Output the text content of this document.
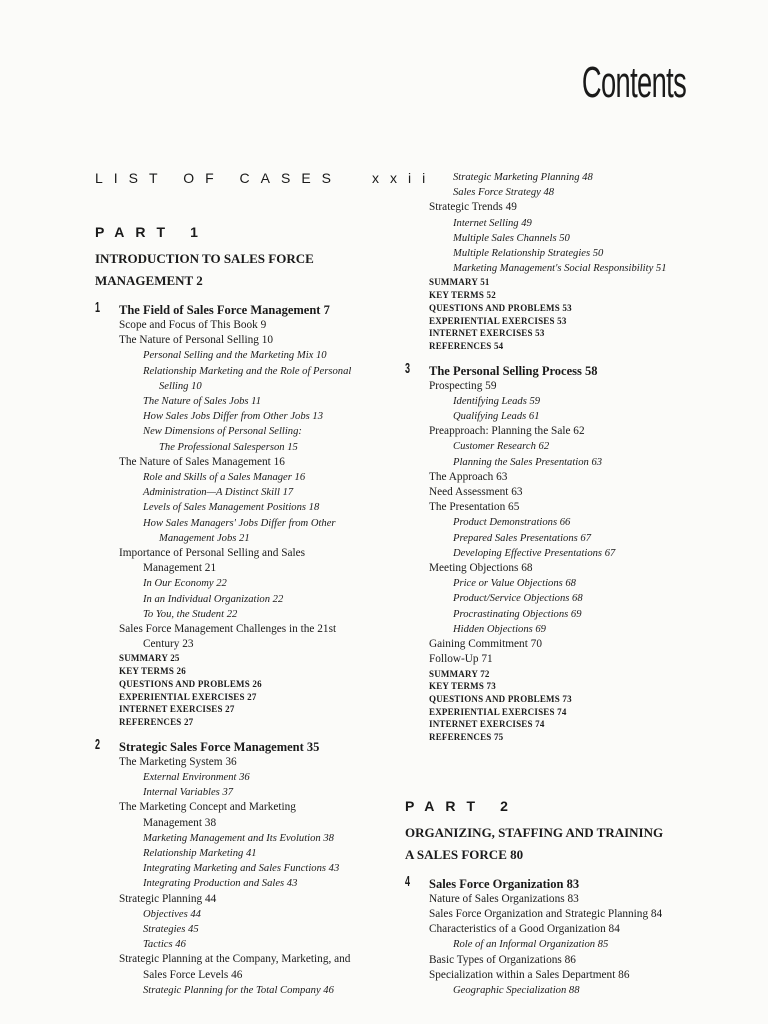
Contents
LIST OF CASES xxii
PART 1
INTRODUCTION TO SALES FORCE
MANAGEMENT 2
1 The Field of Sales Force Management 7
Scope and Focus of This Book 9
The Nature of Personal Selling 10
Personal Selling and the Marketing Mix 10
Relationship Marketing and the Role of Personal
Selling 10
The Nature of Sales Jobs 11
How Sales Jobs Differ from Other Jobs 13
New Dimensions of Personal Selling:
The Professional Salesperson 15
The Nature of Sales Management 16
Role and Skills of a Sales Manager 16
Administration—A Distinct Skill 17
Levels of Sales Management Positions 18
How Sales Managers' Jobs Differ from Other
Management Jobs 21
Importance of Personal Selling and Sales
Management 21
In Our Economy 22
In an Individual Organization 22
To You, the Student 22
Sales Force Management Challenges in the 21st
Century 23
SUMMARY 25
KEY TERMS 26
QUESTIONS AND PROBLEMS 26
EXPERIENTIAL EXERCISES 27
INTERNET EXERCISES 27
REFERENCES 27
2 Strategic Sales Force Management 35
The Marketing System 36
External Environment 36
Internal Variables 37
The Marketing Concept and Marketing
Management 38
Marketing Management and Its Evolution 38
Relationship Marketing 41
Integrating Marketing and Sales Functions 43
Integrating Production and Sales 43
Strategic Planning 44
Objectives 44
Strategies 45
Tactics 46
Strategic Planning at the Company, Marketing, and
Sales Force Levels 46
Strategic Planning for the Total Company 46
Strategic Marketing Planning 48
Sales Force Strategy 48
Strategic Trends 49
Internet Selling 49
Multiple Sales Channels 50
Multiple Relationship Strategies 50
Marketing Management's Social Responsibility 51
SUMMARY 51
KEY TERMS 52
QUESTIONS AND PROBLEMS 53
EXPERIENTIAL EXERCISES 53
INTERNET EXERCISES 53
REFERENCES 54
3 The Personal Selling Process 58
Prospecting 59
Identifying Leads 59
Qualifying Leads 61
Preapproach: Planning the Sale 62
Customer Research 62
Planning the Sales Presentation 63
The Approach 63
Need Assessment 63
The Presentation 65
Product Demonstrations 66
Prepared Sales Presentations 67
Developing Effective Presentations 67
Meeting Objections 68
Price or Value Objections 68
Product/Service Objections 68
Procrastinating Objections 69
Hidden Objections 69
Gaining Commitment 70
Follow-Up 71
SUMMARY 72
KEY TERMS 73
QUESTIONS AND PROBLEMS 73
EXPERIENTIAL EXERCISES 74
INTERNET EXERCISES 74
REFERENCES 75
PART 2
ORGANIZING, STAFFING AND TRAINING
A SALES FORCE 80
4 Sales Force Organization 83
Nature of Sales Organizations 83
Sales Force Organization and Strategic Planning 84
Characteristics of a Good Organization 84
Role of an Informal Organization 85
Basic Types of Organizations 86
Specialization within a Sales Department 86
Geographic Specialization 88
